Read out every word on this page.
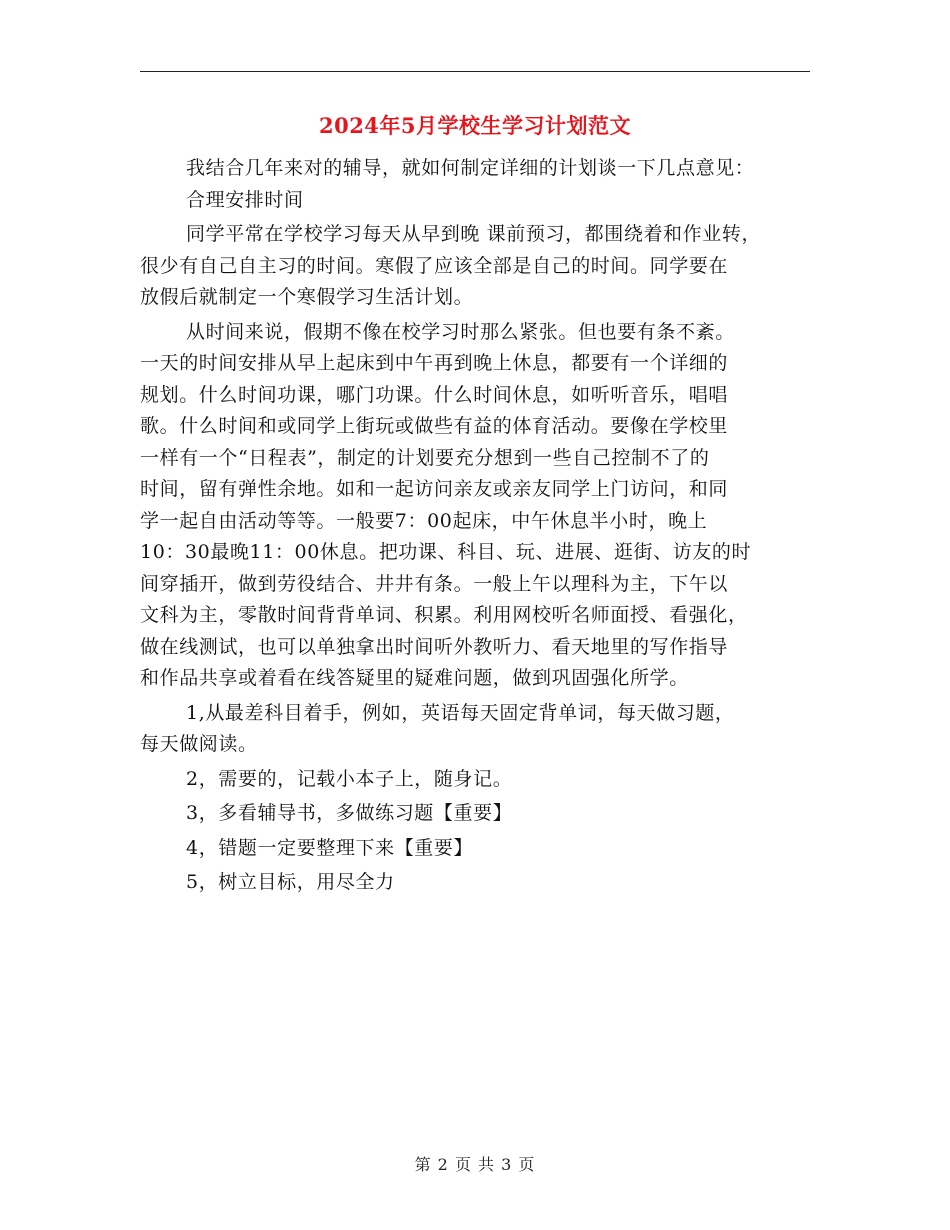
2024年5月学校生学习计划范文

我结合几年来对的辅导，就如何制定详细的计划谈一下几点意见：

合理安排时间

同学平常在学校学习每天从早到晚 课前预习，都围绕着和作业转，
很少有自己自主习的时间。寒假了应该全部是自己的时间。同学要在
放假后就制定一个寒假学习生活计划。

从时间来说，假期不像在校学习时那么紧张。但也要有条不紊。
一天的时间安排从早上起床到中午再到晚上休息，都要有一个详细的
规划。什么时间功课，哪门功课。什么时间休息，如听听音乐，唱唱
歌。什么时间和或同学上街玩或做些有益的体育活动。要像在学校里
一样有一个“日程表”，制定的计划要充分想到一些自己控制不了的
时间，留有弹性余地。如和一起访问亲友或亲友同学上门访问，和同
学一起自由活动等等。一般要7：00起床，中午休息半小时，晚上
10：30最晚11：00休息。把功课、科目、玩、进展、逛街、访友的时
间穿插开，做到劳役结合、井井有条。一般上午以理科为主，下午以
文科为主，零散时间背背单词、积累。利用网校听名师面授、看强化，
做在线测试，也可以单独拿出时间听外教听力、看天地里的写作指导
和作品共享或着看在线答疑里的疑难问题，做到巩固强化所学。

1,从最差科目着手，例如，英语每天固定背单词，每天做习题，
每天做阅读。

2，需要的，记载小本子上，随身记。

3，多看辅导书，多做练习题【重要】

4，错题一定要整理下来【重要】

5，树立目标，用尽全力

第 2 页 共 3 页
